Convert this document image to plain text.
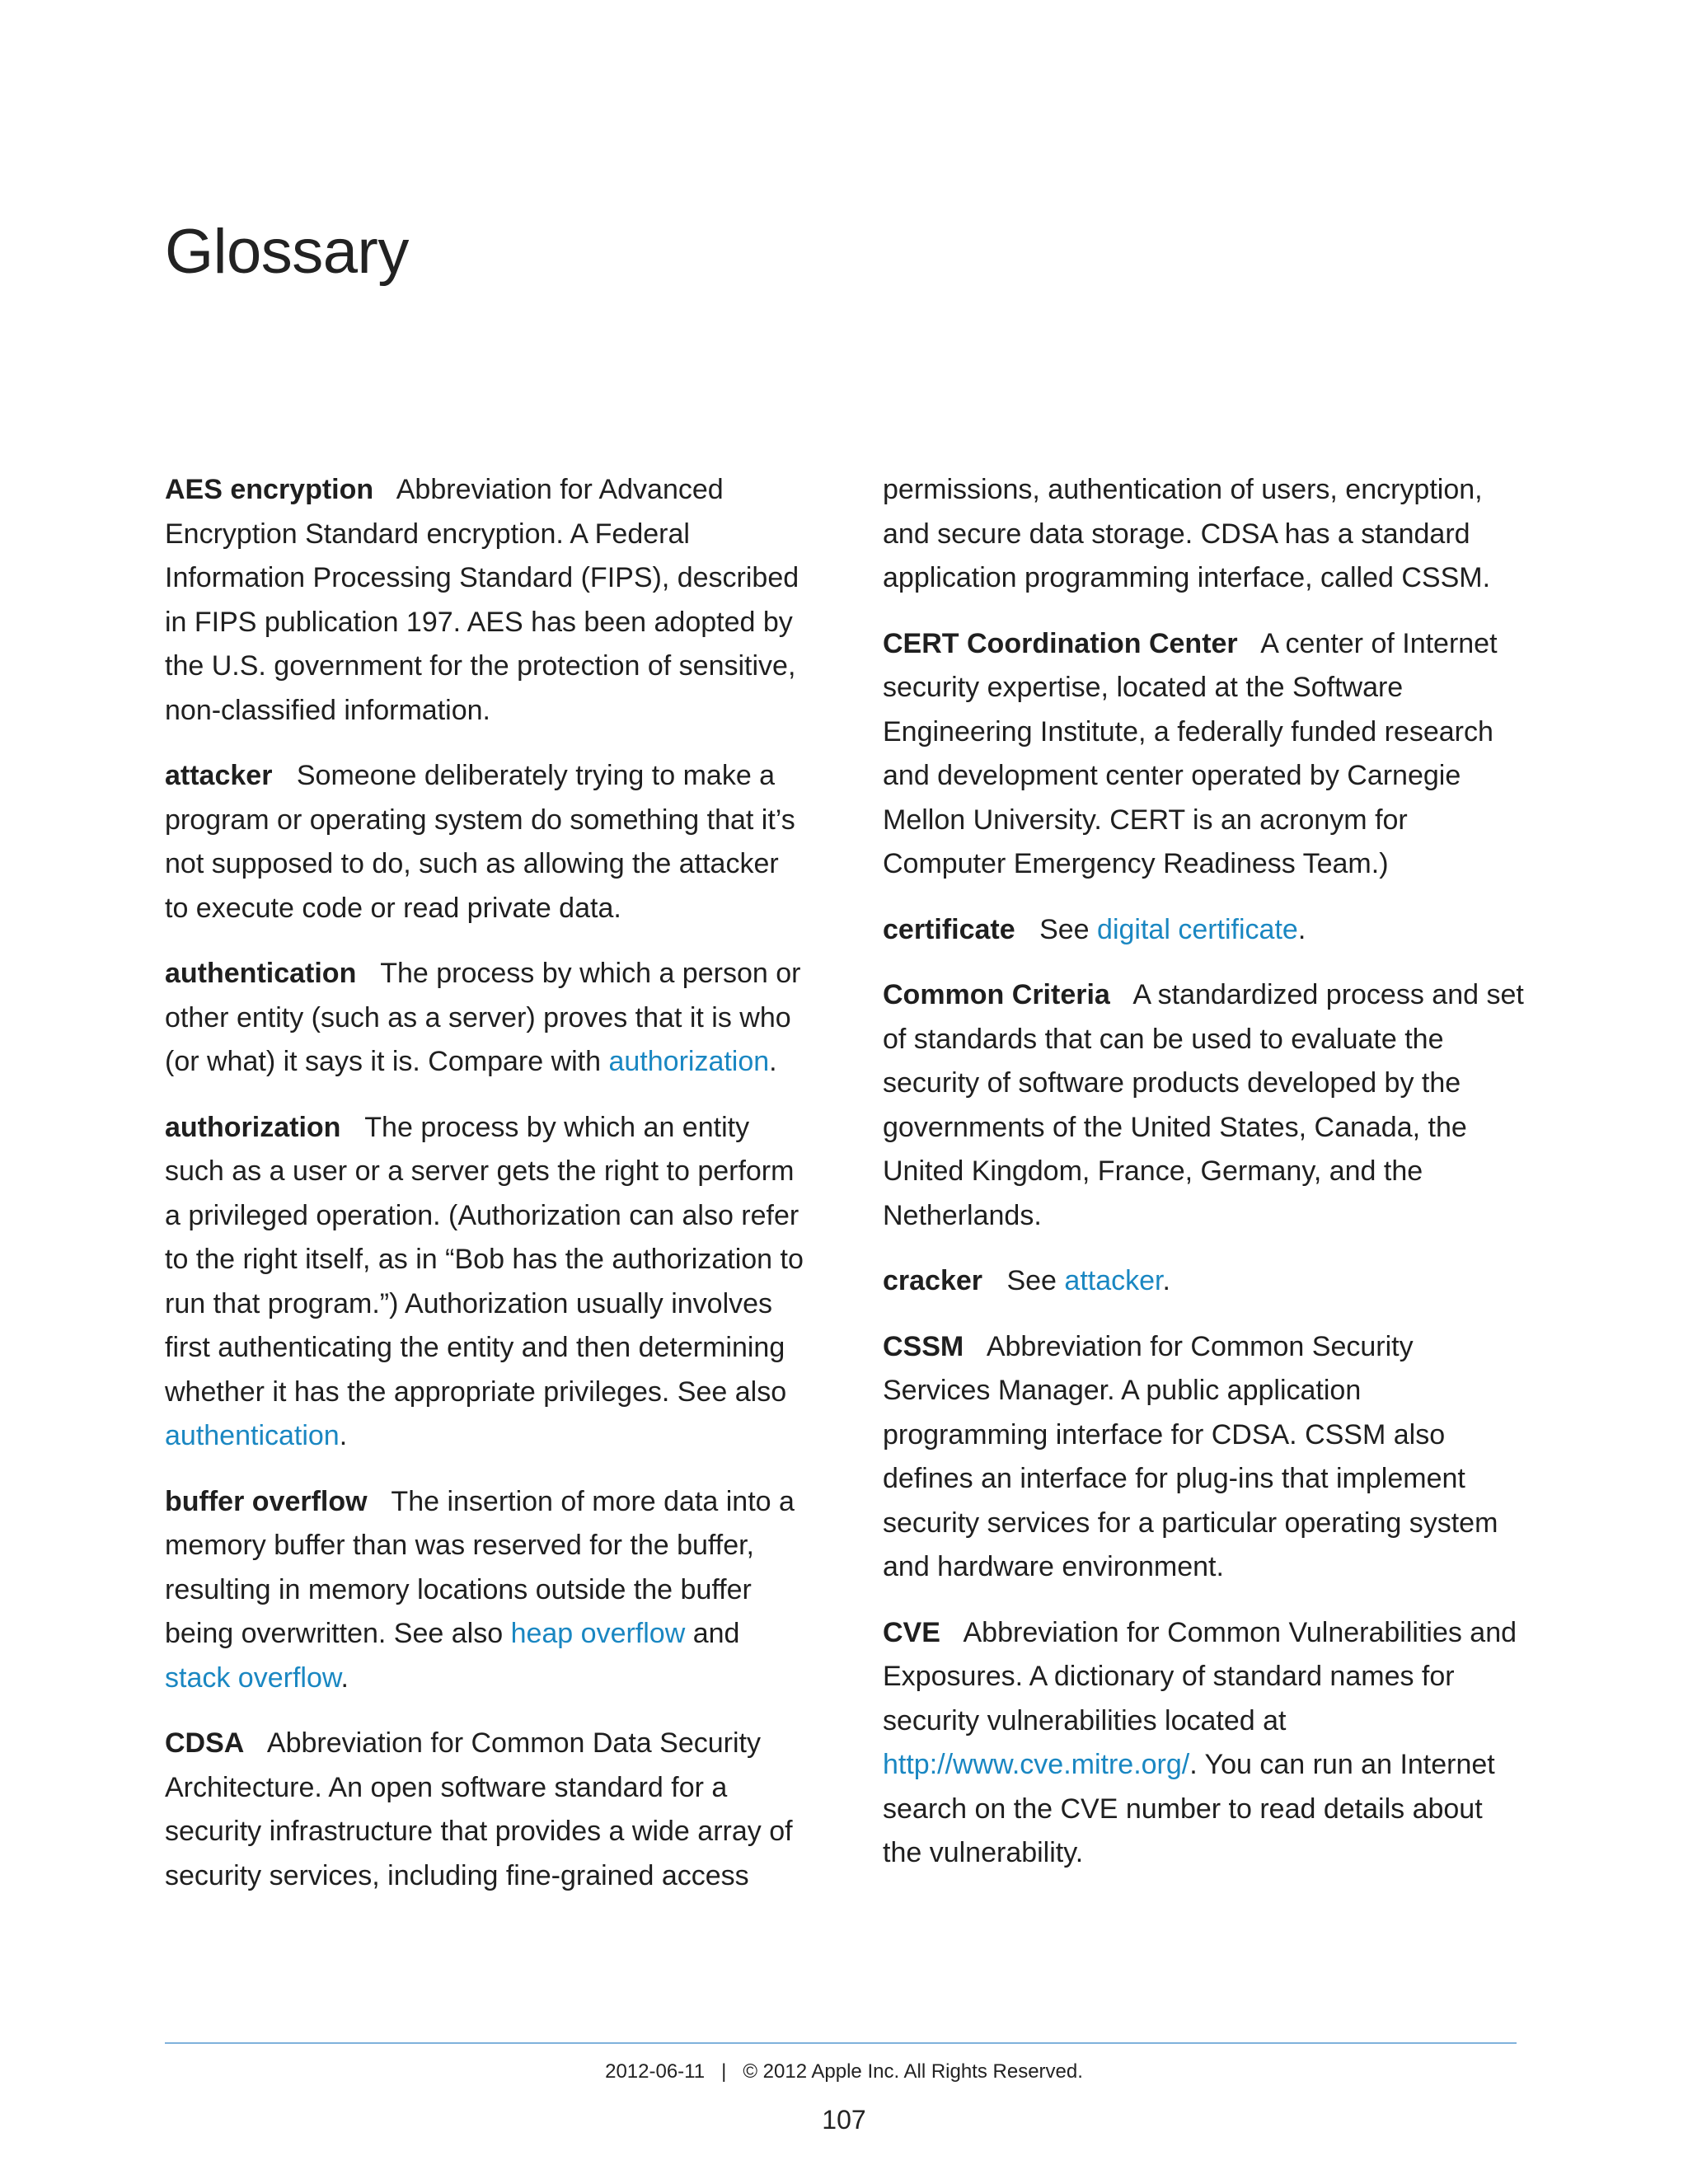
Glossary

AES encryption Abbreviation for Advanced Encryption Standard encryption. A Federal Information Processing Standard (FIPS), described in FIPS publication 197. AES has been adopted by the U.S. government for the protection of sensitive, non-classified information.

attacker Someone deliberately trying to make a program or operating system do something that it’s not supposed to do, such as allowing the attacker to execute code or read private data.

authentication The process by which a person or other entity (such as a server) proves that it is who (or what) it says it is. Compare with authorization.

authorization The process by which an entity such as a user or a server gets the right to perform a privileged operation. (Authorization can also refer to the right itself, as in “Bob has the authorization to run that program.”) Authorization usually involves first authenticating the entity and then determining whether it has the appropriate privileges. See also authentication.

buffer overflow The insertion of more data into a memory buffer than was reserved for the buffer, resulting in memory locations outside the buffer being overwritten. See also heap overflow and stack overflow.

CDSA Abbreviation for Common Data Security Architecture. An open software standard for a security infrastructure that provides a wide array of security services, including fine-grained access

permissions, authentication of users, encryption, and secure data storage. CDSA has a standard application programming interface, called CSSM.

CERT Coordination Center A center of Internet security expertise, located at the Software Engineering Institute, a federally funded research and development center operated by Carnegie Mellon University. CERT is an acronym for Computer Emergency Readiness Team.)

certificate See digital certificate.

Common Criteria A standardized process and set of standards that can be used to evaluate the security of software products developed by the governments of the United States, Canada, the United Kingdom, France, Germany, and the Netherlands.

cracker See attacker.

CSSM Abbreviation for Common Security Services Manager. A public application programming interface for CDSA. CSSM also defines an interface for plug-ins that implement security services for a particular operating system and hardware environment.

CVE Abbreviation for Common Vulnerabilities and Exposures. A dictionary of standard names for security vulnerabilities located at http://www.cve.mitre.org/. You can run an Internet search on the CVE number to read details about the vulnerability.

2012-06-11 | © 2012 Apple Inc. All Rights Reserved.
107
